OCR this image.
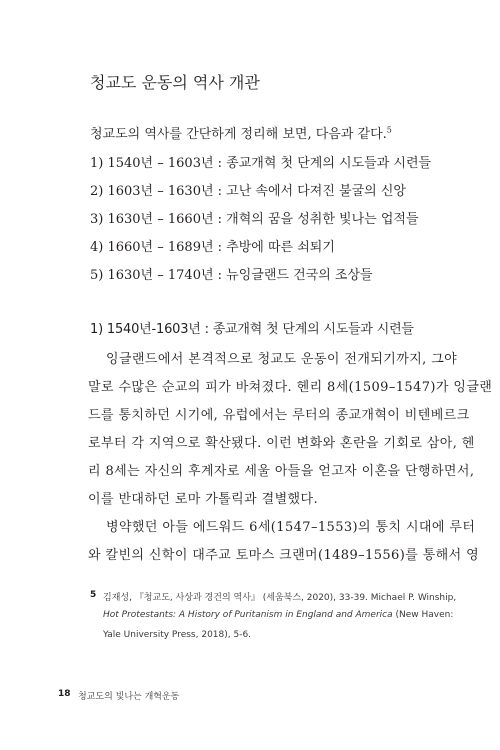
청교도 운동의 역사 개관
청교도의 역사를 간단하게 정리해 보면, 다음과 같다.$^5$
1) 1540년 – 1603년 : 종교개혁 첫 단계의 시도들과 시련들
2) 1603년 – 1630년 : 고난 속에서 다져진 불굴의 신앙
3) 1630년 – 1660년 : 개혁의 꿈을 성취한 빛나는 업적들
4) 1660년 – 1689년 : 추방에 따른 쇠퇴기
5) 1630년 – 1740년 : 뉴잉글랜드 건국의 조상들
1) 1540년-1603년 : 종교개혁 첫 단계의 시도들과 시련들
잉글랜드에서 본격적으로 청교도 운동이 전개되기까지, 그야
말로 수많은 순교의 피가 바쳐졌다. 헨리 8세(1509–1547)가 잉글랜
드를 통치하던 시기에, 유럽에서는 루터의 종교개혁이 비텐베르크
로부터 각 지역으로 확산됐다. 이런 변화와 혼란을 기회로 삼아, 헨
리 8세는 자신의 후계자로 세울 아들을 얻고자 이혼을 단행하면서,
이를 반대하던 로마 가톨릭과 결별했다.
병약했던 아들 에드워드 6세(1547–1553)의 통치 시대에 루터
와 칼빈의 신학이 대주교 토마스 크랜머(1489–1556)를 통해서 영
5 김재성, 『청교도, 사상과 경건의 역사』 (세움북스, 2020), 33-39. Michael P. Winship,
Hot Protestants: A History of Puritanism in England and America (New Haven:
Yale University Press, 2018), 5-6.
18 청교도의 빛나는 개혁운동
